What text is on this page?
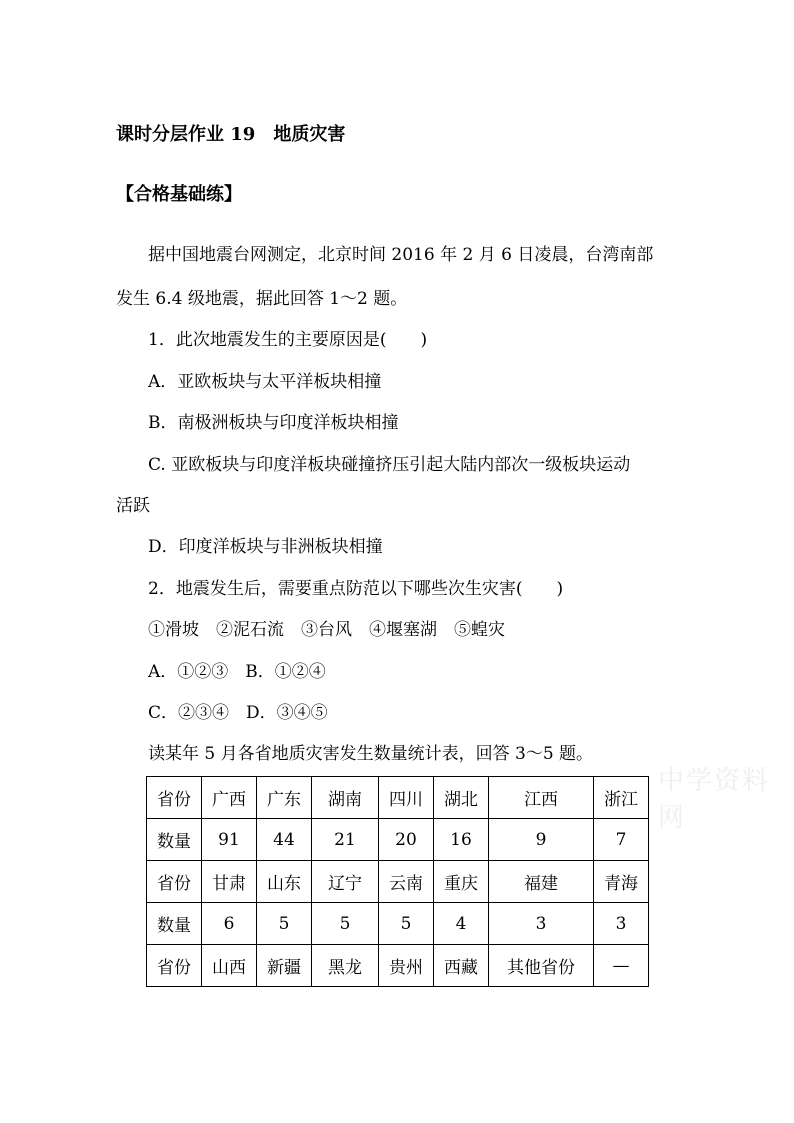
课时分层作业 19　地质灾害
【合格基础练】
据中国地震台网测定，北京时间 2016 年 2 月 6 日凌晨，台湾南部
发生 6.4 级地震，据此回答 1～2 题。
1．此次地震发生的主要原因是(　　)
A．亚欧板块与太平洋板块相撞
B．南极洲板块与印度洋板块相撞
C. 亚欧板块与印度洋板块碰撞挤压引起大陆内部次一级板块运动
活跃
D．印度洋板块与非洲板块相撞
2．地震发生后，需要重点防范以下哪些次生灾害(　　)
①滑坡　②泥石流　③台风　④堰塞湖　⑤蝗灾
A．①②③　B．①②④
C．②③④　D．③④⑤
读某年 5 月各省地质灾害发生数量统计表，回答 3～5 题。
中学资料网
省份	广西	广东	湖南	四川	湖北	江西	浙江
数量	91	44	21	20	16	9	7
省份	甘肃	山东	辽宁	云南	重庆	福建	青海
数量	6	5	5	5	4	3	3
省份	山西	新疆	黑龙	贵州	西藏	其他省份	—
